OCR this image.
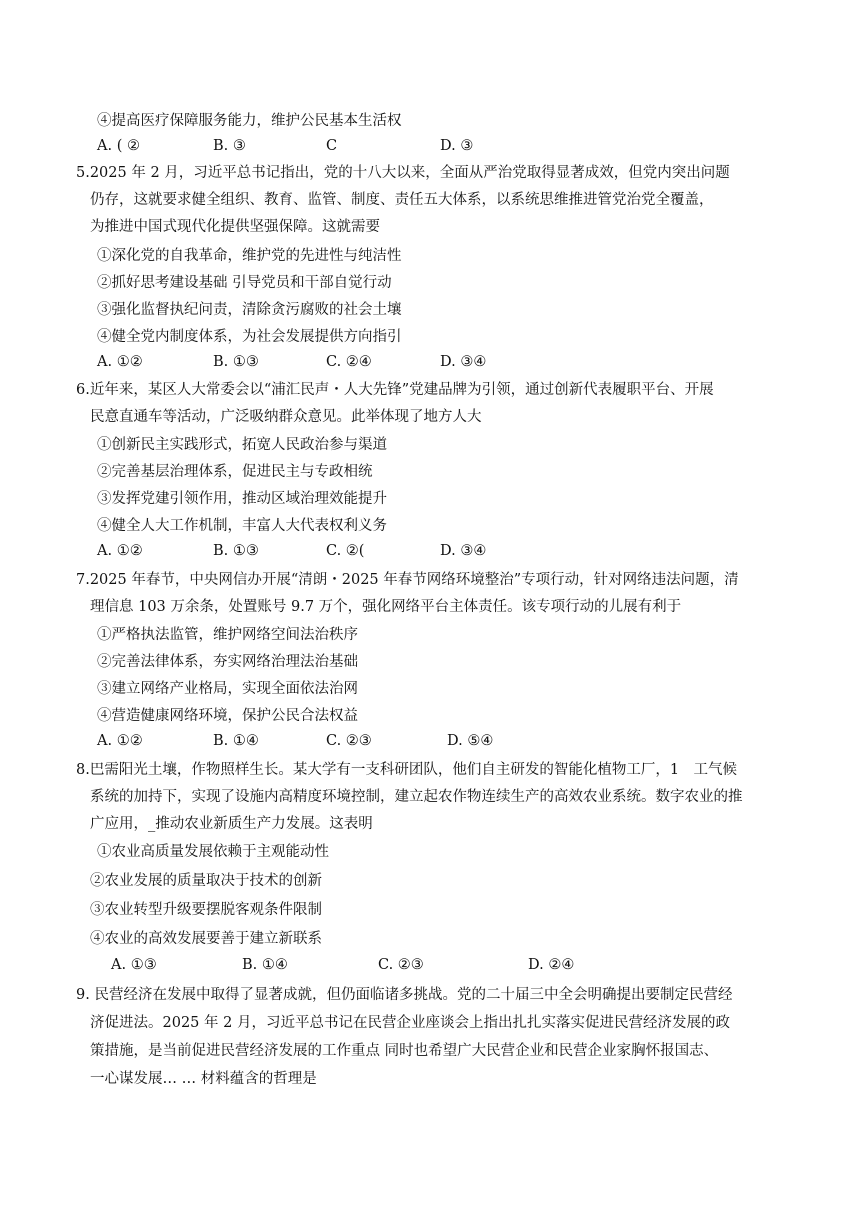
④提高医疗保障服务能力，维护公民基本生活权
A. ( ②	B. ③	C	D. ③
5.2025 年 2 月，习近平总书记指出，党的十八大以来，全面从严治党取得显著成效，但党内突出问题
仍存，这就要求健全组织、教育、监管、制度、责任五大体系，以系统思维推进管党治党全覆盖，
为推进中国式现代化提供坚强保障。这就需要
①深化党的自我革命，维护党的先进性与纯洁性
②抓好思考建设基础 引导党员和干部自觉行动
③强化监督执纪问责，清除贪污腐败的社会土壤
④健全党内制度体系，为社会发展提供方向指引
A. ①②	B. ①③	C. ②④	D. ③④
6.近年来，某区人大常委会以“浦汇民声・人大先锋”党建品牌为引领，通过创新代表履职平台、开展
民意直通车等活动，广泛吸纳群众意见。此举体现了地方人大
①创新民主实践形式，拓宽人民政治参与渠道
②完善基层治理体系，促进民主与专政相统
③发挥党建引领作用，推动区域治理效能提升
④健全人大工作机制，丰富人大代表权利义务
A. ①②	B. ①③	C. ②(	D. ③④
7.2025 年春节，中央网信办开展“清朗・2025 年春节网络环境整治”专项行动，针对网络违法问题，清
理信息 103 万余条，处置账号 9.7 万个，强化网络平台主体责任。该专项行动的儿展有利于
①严格执法监管，维护网络空间法治秩序
②完善法律体系，夯实网络治理法治基础
③建立网络产业格局，实现全面依法治网
④营造健康网络环境，保护公民合法权益
A. ①②	B. ①④	C. ②③	D. ⑤④
8.巴需阳光土壤，作物照样生长。某大学有一支科研团队，他们自主研发的智能化植物工厂，1　工气候
系统的加持下，实现了设施内高精度环境控制，建立起农作物连续生产的高效农业系统。数字农业的推
广应用，_推动农业新质生产力发展。这表明
①农业高质量发展依赖于主观能动性
②农业发展的质量取决于技术的创新
③农业转型升级要摆脱客观条件限制
④农业的高效发展要善于建立新联系
A. ①③	B. ①④	C. ②③	D. ②④
9. 民营经济在发展中取得了显著成就，但仍面临诸多挑战。党的二十届三中全会明确提出要制定民营经
济促进法。2025 年 2 月，习近平总书记在民营企业座谈会上指出扎扎实落实促进民营经济发展的政
策措施，是当前促进民营经济发展的工作重点 同时也希望广大民营企业和民营企业家胸怀报国志、
一心谋发展… … 材料蕴含的哲理是
